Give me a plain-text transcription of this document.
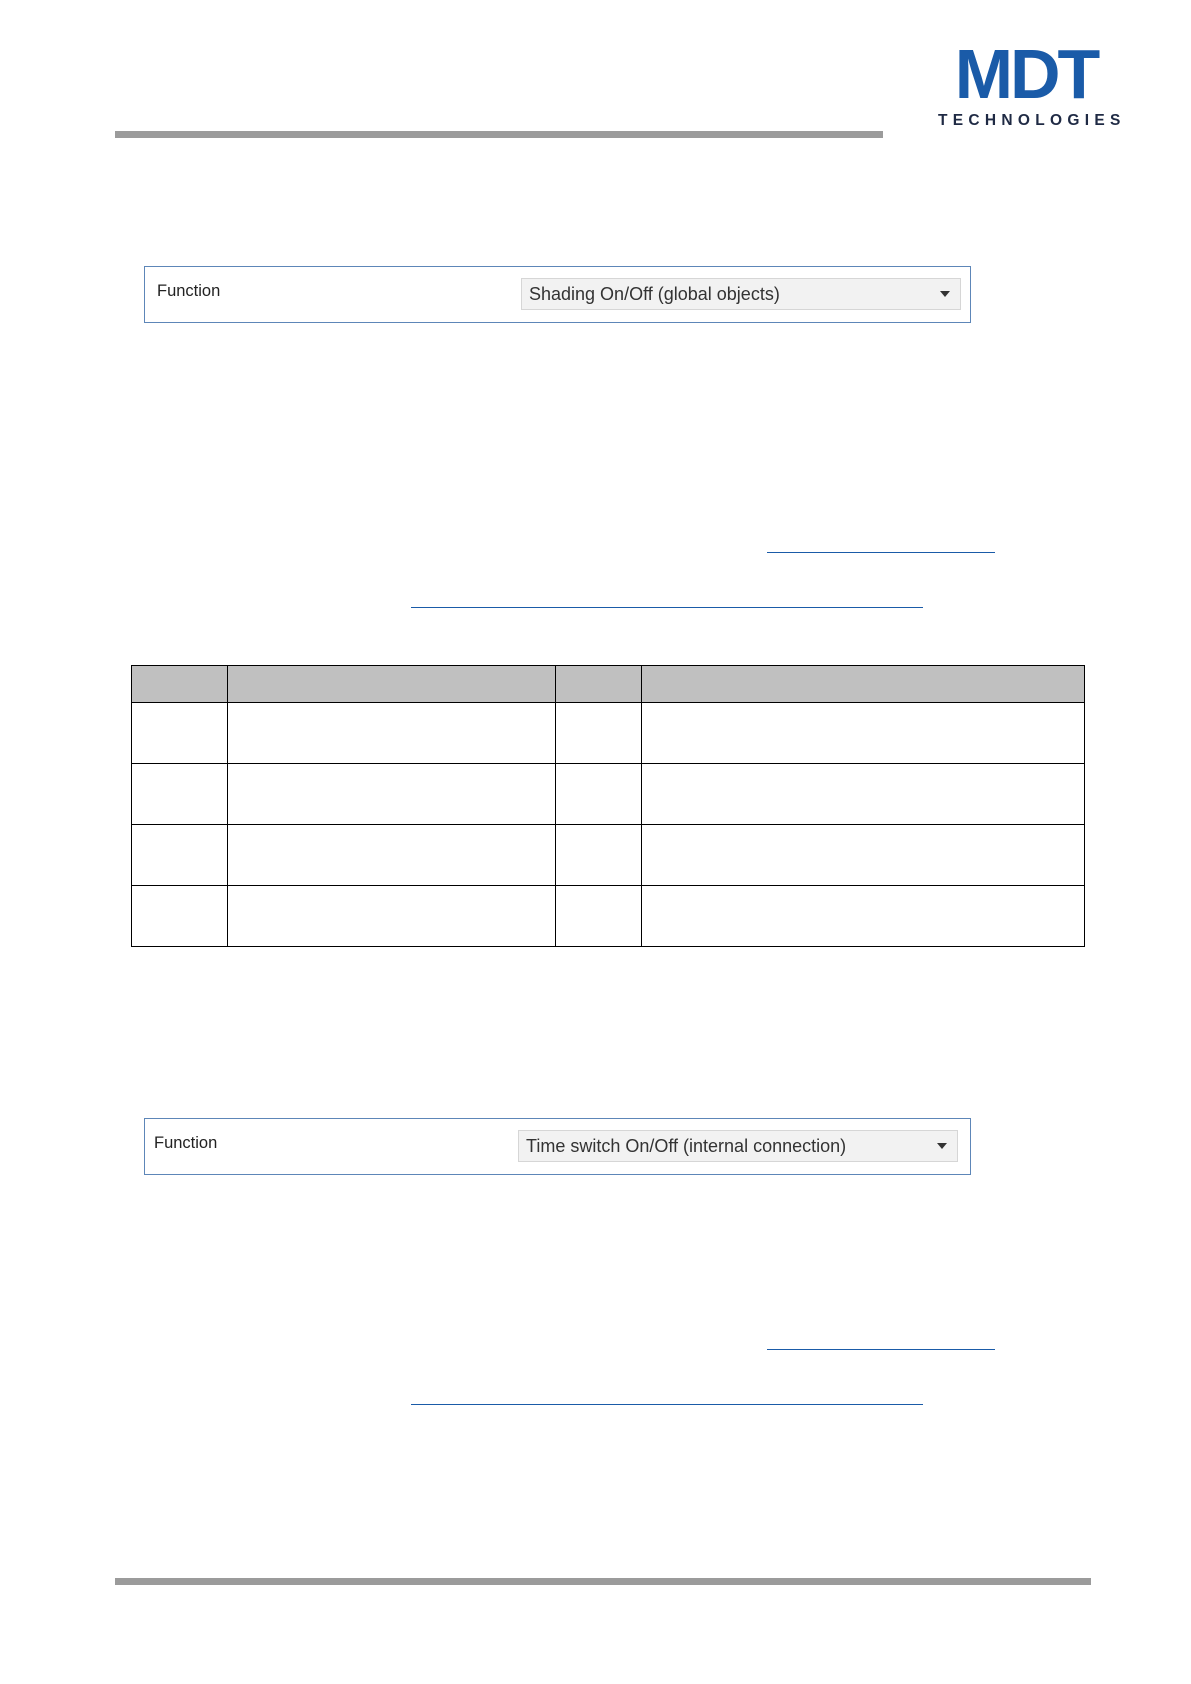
MDT
TECHNOLOGIES
Function	Shading On/Off (global objects)

Function	Time switch On/Off (internal connection)
